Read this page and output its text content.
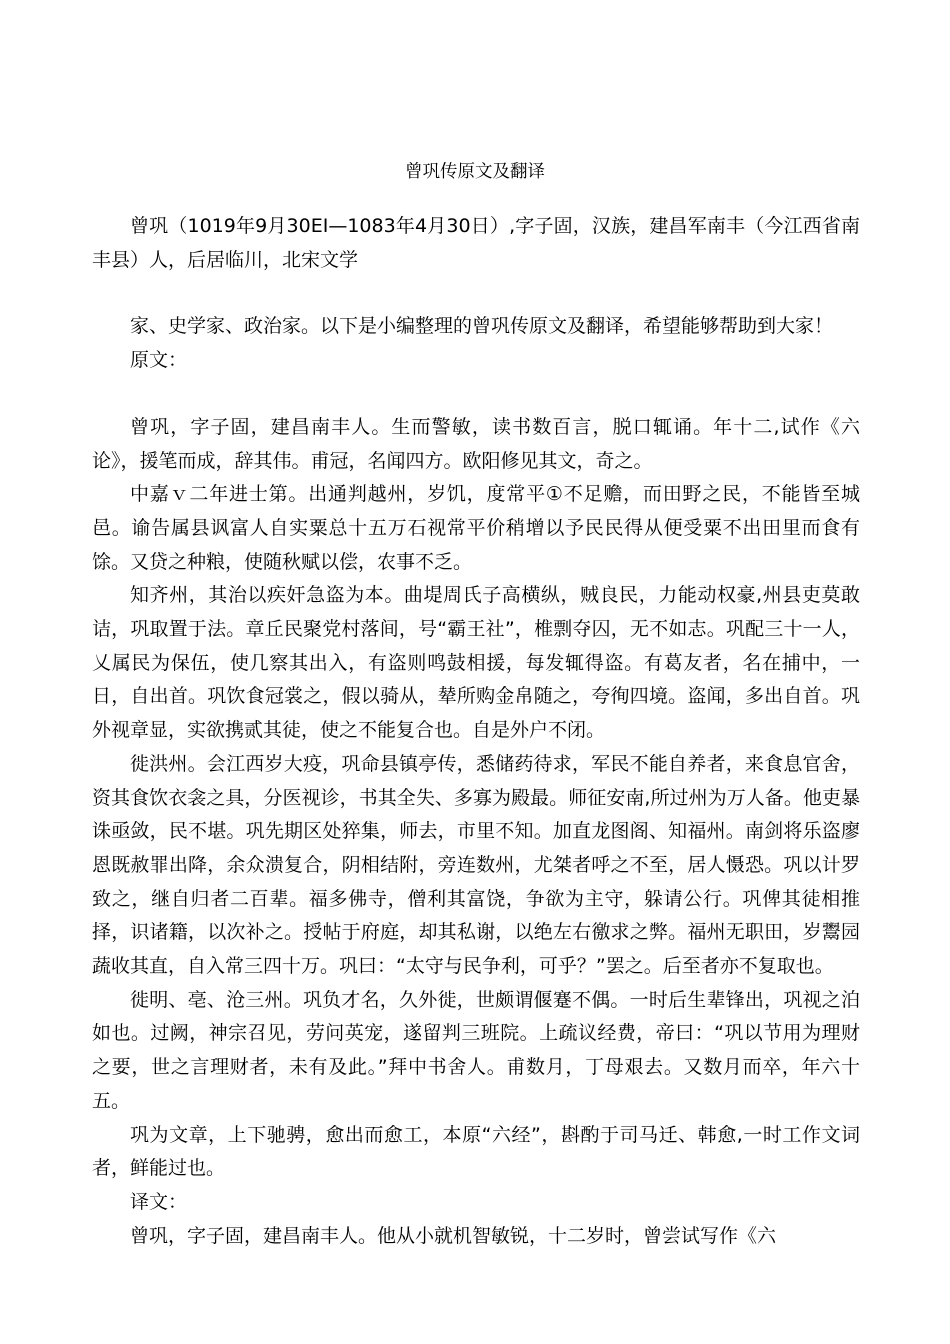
曾巩传原文及翻译

曾巩（1019年9月30EI—1083年4月30日）,字子固，汉族，建昌军南丰（今江西省南丰县）人，后居临川，北宋文学

家、史学家、政治家。以下是小编整理的曾巩传原文及翻译，希望能够帮助到大家！

原文：

曾巩，字子固，建昌南丰人。生而警敏，读书数百言，脱口辄诵。年十二,试作《六论》，援笔而成，辞其伟。甫冠，名闻四方。欧阳修见其文，奇之。

中嘉ｖ二年进士第。出通判越州，岁饥，度常平①不足赡，而田野之民，不能皆至城邑。谕告属县讽富人自实粟总十五万石视常平价稍增以予民民得从便受粟不出田里而食有馀。又贷之种粮，使随秋赋以偿，农事不乏。

知齐州，其治以疾奸急盗为本。曲堤周氏子高横纵，贼良民，力能动权豪,州县吏莫敢诘，巩取置于法。章丘民聚党村落间，号“霸王社”，椎剽夺囚，无不如志。巩配三十一人，乂属民为保伍，使几察其出入，有盗则鸣鼓相援，每发辄得盗。有葛友者，名在捕中，一日，自出首。巩饮食冠裳之，假以骑从，辇所购金帛随之，夸徇四境。盗闻，多出自首。巩外视章显，实欲携贰其徒，使之不能复合也。自是外户不闭。

徙洪州。会江西岁大疫，巩命县镇亭传，悉储药待求，军民不能自养者，来食息官舍，资其食饮衣衾之具，分医视诊，书其全失、多寡为殿最。师征安南,所过州为万人备。他吏暴诛亟敛，民不堪。巩先期区处猝集，师去，市里不知。加直龙图阁、知福州。南剑将乐盗廖恩既赦罪出降，余众溃复合，阴相结附，旁连数州，尤桀者呼之不至，居人慑恐。巩以计罗致之，继自归者二百辈。福多佛寺，僧利其富饶，争欲为主守，躲请公行。巩俾其徒相推择，识诸籍，以次补之。授帖于府庭，却其私谢，以绝左右徼求之弊。福州无职田，岁鬻园蔬收其直，自入常三四十万。巩曰：“太守与民争利，可乎？”罢之。后至者亦不复取也。

徙明、亳、沧三州。巩负才名，久外徙，世颇谓偃蹇不偶。一时后生辈锋出，巩视之泊如也。过阙，神宗召见，劳问英宠，遂留判三班院。上疏议经费，帝曰：“巩以节用为理财之要，世之言理财者，未有及此。”拜中书舍人。甫数月，丁母艰去。又数月而卒，年六十五。

巩为文章，上下驰骋，愈出而愈工，本原“六经”，斟酌于司马迁、韩愈,一时工作文词者，鲜能过也。

译文：

曾巩，字子固，建昌南丰人。他从小就机智敏锐，十二岁时，曾尝试写作《六
